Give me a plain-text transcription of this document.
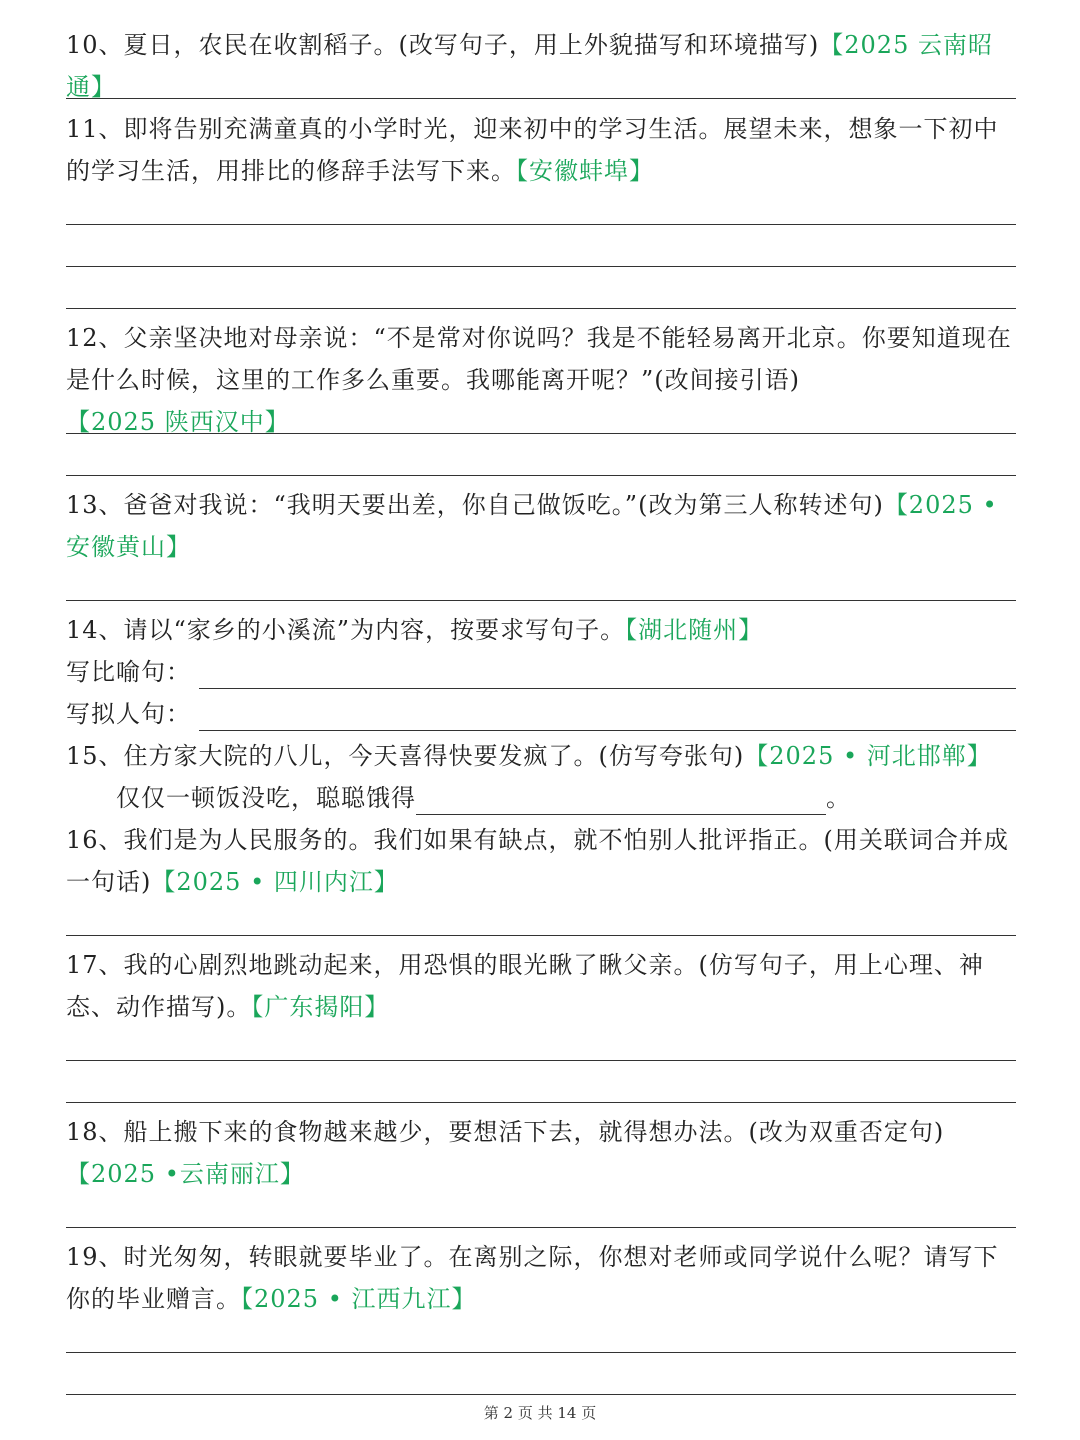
10、夏日，农民在收割稻子。(改写句子，用上外貌描写和环境描写)【2025 云南昭通】

11、即将告别充满童真的小学时光，迎来初中的学习生活。展望未来，想象一下初中的学习生活，用排比的修辞手法写下来。【安徽蚌埠】

12、父亲坚决地对母亲说：“不是常对你说吗？我是不能轻易离开北京。你要知道现在是什么时候，这里的工作多么重要。我哪能离开呢？”(改间接引语)【2025 陕西汉中】

13、爸爸对我说：“我明天要出差，你自己做饭吃。”(改为第三人称转述句)【2025 • 安徽黄山】

14、请以“家乡的小溪流”为内容，按要求写句子。【湖北随州】

写比喻句：
写拟人句：

15、住方家大院的八儿，今天喜得快要发疯了。(仿写夸张句)【2025 • 河北邯郸】

仅仅一顿饭没吃，聪聪饿得	。

16、我们是为人民服务的。我们如果有缺点，就不怕别人批评指正。(用关联词合并成一句话)【2025 • 四川内江】

17、我的心剧烈地跳动起来，用恐惧的眼光瞅了瞅父亲。(仿写句子，用上心理、神态、动作描写)。【广东揭阳】

18、船上搬下来的食物越来越少，要想活下去，就得想办法。(改为双重否定句)【2025 •云南丽江】

19、时光匆匆，转眼就要毕业了。在离别之际，你想对老师或同学说什么呢？请写下你的毕业赠言。【2025 • 江西九江】

第 2 页 共 14 页
